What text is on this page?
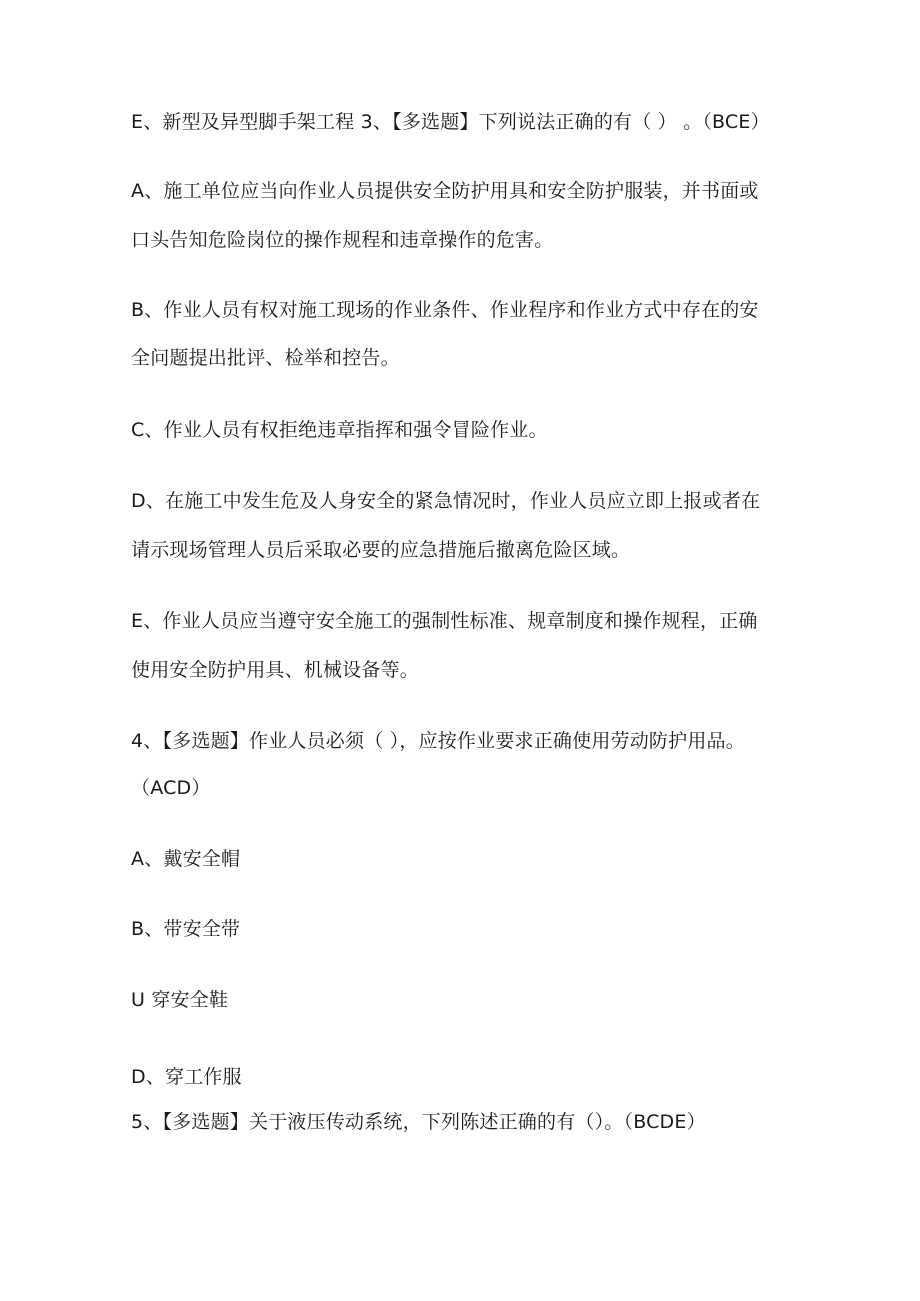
E、新型及异型脚手架工程 3、【多选题】下列说法正确的有（ ） 。（BCE）
A、施工单位应当向作业人员提供安全防护用具和安全防护服装，并书面或
口头告知危险岗位的操作规程和违章操作的危害。
B、作业人员有权对施工现场的作业条件、作业程序和作业方式中存在的安
全问题提出批评、检举和控告。
C、作业人员有权拒绝违章指挥和强令冒险作业。
D、在施工中发生危及人身安全的紧急情况时，作业人员应立即上报或者在
请示现场管理人员后采取必要的应急措施后撤离危险区域。
E、作业人员应当遵守安全施工的强制性标准、规章制度和操作规程，正确
使用安全防护用具、机械设备等。
4、【多选题】作业人员必须（ ），应按作业要求正确使用劳动防护用品。
（ACD）
A、戴安全帽
B、带安全带
U 穿安全鞋
D、穿工作服
5、【多选题】关于液压传动系统，下列陈述正确的有（）。（BCDE）
